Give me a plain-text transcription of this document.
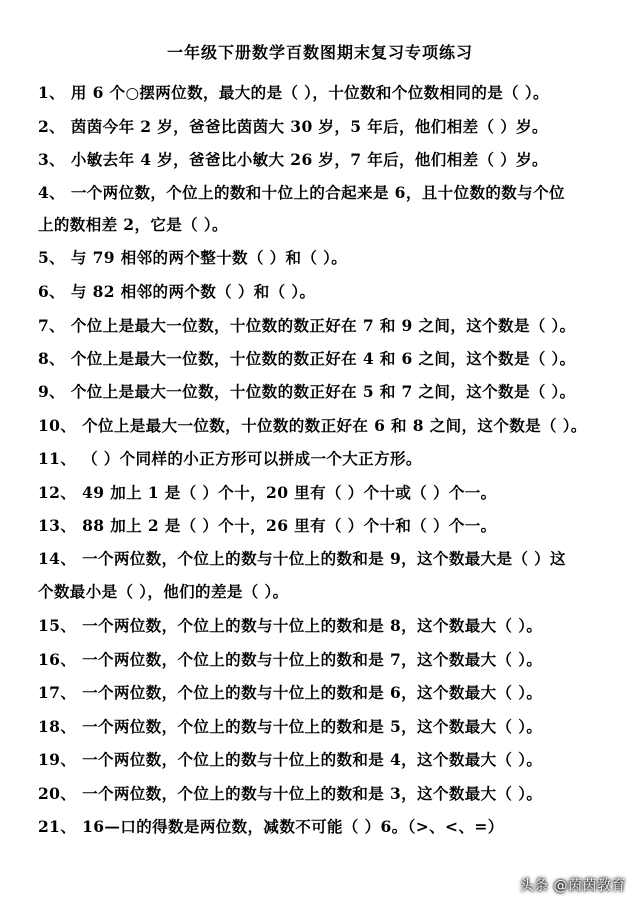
一年级下册数学百数图期末复习专项练习
1、 用 6 个○摆两位数，最大的是（ ），十位数和个位数相同的是（ ）。
2、 茵茵今年 2 岁，爸爸比茵茵大 30 岁，5 年后，他们相差（ ）岁。
3、 小敏去年 4 岁，爸爸比小敏大 26 岁，7 年后，他们相差（ ）岁。
4、 一个两位数，个位上的数和十位上的合起来是 6，且十位数的数与个位
上的数相差 2，它是（ ）。
5、 与 79 相邻的两个整十数（ ）和（ ）。
6、 与 82 相邻的两个数（ ）和（ ）。
7、 个位上是最大一位数，十位数的数正好在 7 和 9 之间，这个数是（ ）。
8、 个位上是最大一位数，十位数的数正好在 4 和 6 之间，这个数是（ ）。
9、 个位上是最大一位数，十位数的数正好在 5 和 7 之间，这个数是（ ）。
10、 个位上是最大一位数，十位数的数正好在 6 和 8 之间，这个数是（ ）。
11、 （ ）个同样的小正方形可以拼成一个大正方形。
12、 49 加上 1 是（ ）个十，20 里有（ ）个十或（ ）个一。
13、 88 加上 2 是（ ）个十，26 里有（ ）个十和（ ）个一。
14、 一个两位数，个位上的数与十位上的数和是 9，这个数最大是（ ）这
个数最小是（ ），他们的差是（ ）。
15、 一个两位数，个位上的数与十位上的数和是 8，这个数最大（ ）。
16、 一个两位数，个位上的数与十位上的数和是 7，这个数最大（ ）。
17、 一个两位数，个位上的数与十位上的数和是 6，这个数最大（ ）。
18、 一个两位数，个位上的数与十位上的数和是 5，这个数最大（ ）。
19、 一个两位数，个位上的数与十位上的数和是 4，这个数最大（ ）。
20、 一个两位数，个位上的数与十位上的数和是 3，这个数最大（ ）。
21、 16—口的得数是两位数，减数不可能（ ）6。（>、<、=）
头条 @茵茵教育
